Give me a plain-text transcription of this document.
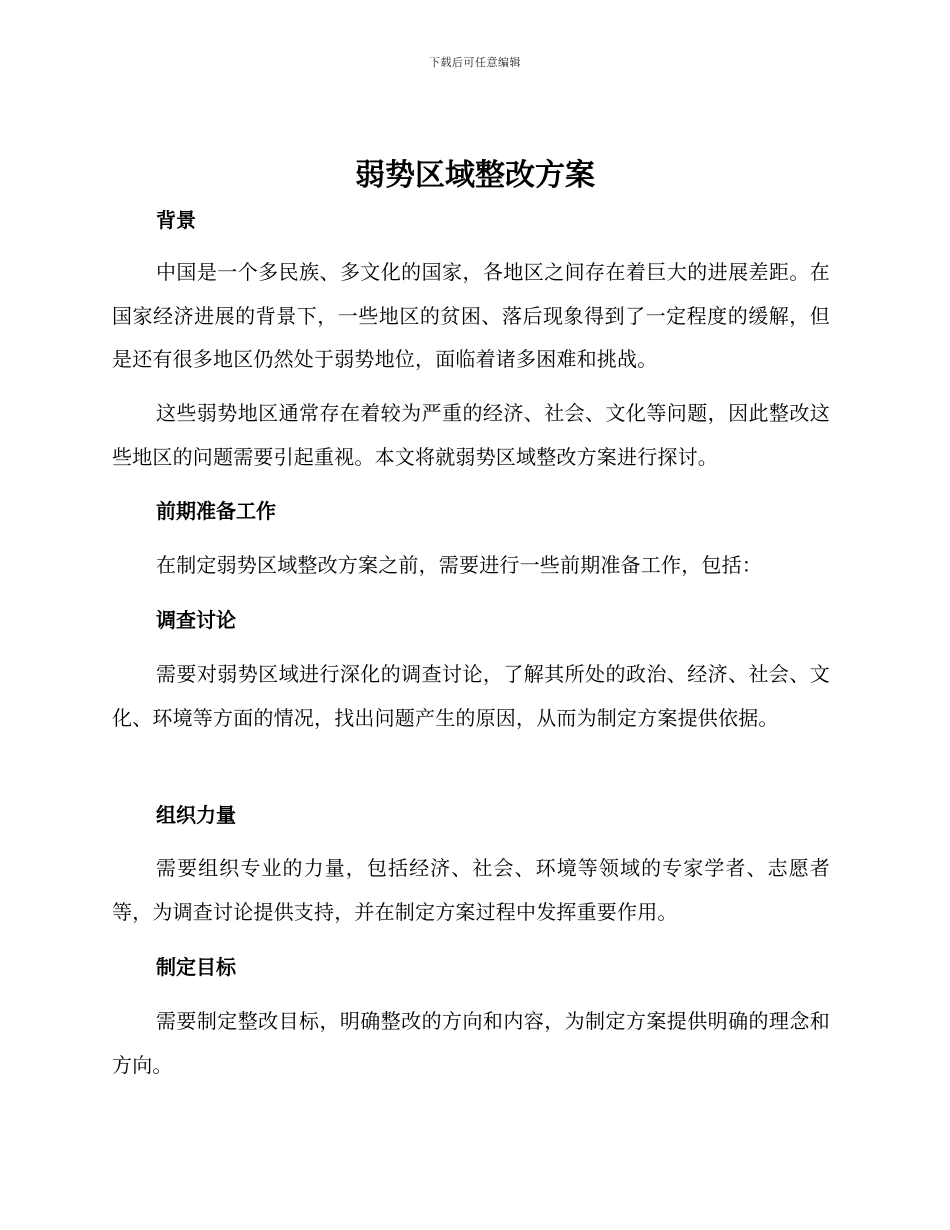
下载后可任意编辑
弱势区域整改方案
背景
中国是一个多民族、多文化的国家，各地区之间存在着巨大的进展差距。在国家经济进展的背景下，一些地区的贫困、落后现象得到了一定程度的缓解，但是还有很多地区仍然处于弱势地位，面临着诸多困难和挑战。
这些弱势地区通常存在着较为严重的经济、社会、文化等问题，因此整改这些地区的问题需要引起重视。本文将就弱势区域整改方案进行探讨。
前期准备工作
在制定弱势区域整改方案之前，需要进行一些前期准备工作，包括：
调查讨论
需要对弱势区域进行深化的调查讨论，了解其所处的政治、经济、社会、文化、环境等方面的情况，找出问题产生的原因，从而为制定方案提供依据。
组织力量
需要组织专业的力量，包括经济、社会、环境等领域的专家学者、志愿者等，为调查讨论提供支持，并在制定方案过程中发挥重要作用。
制定目标
需要制定整改目标，明确整改的方向和内容，为制定方案提供明确的理念和方向。
